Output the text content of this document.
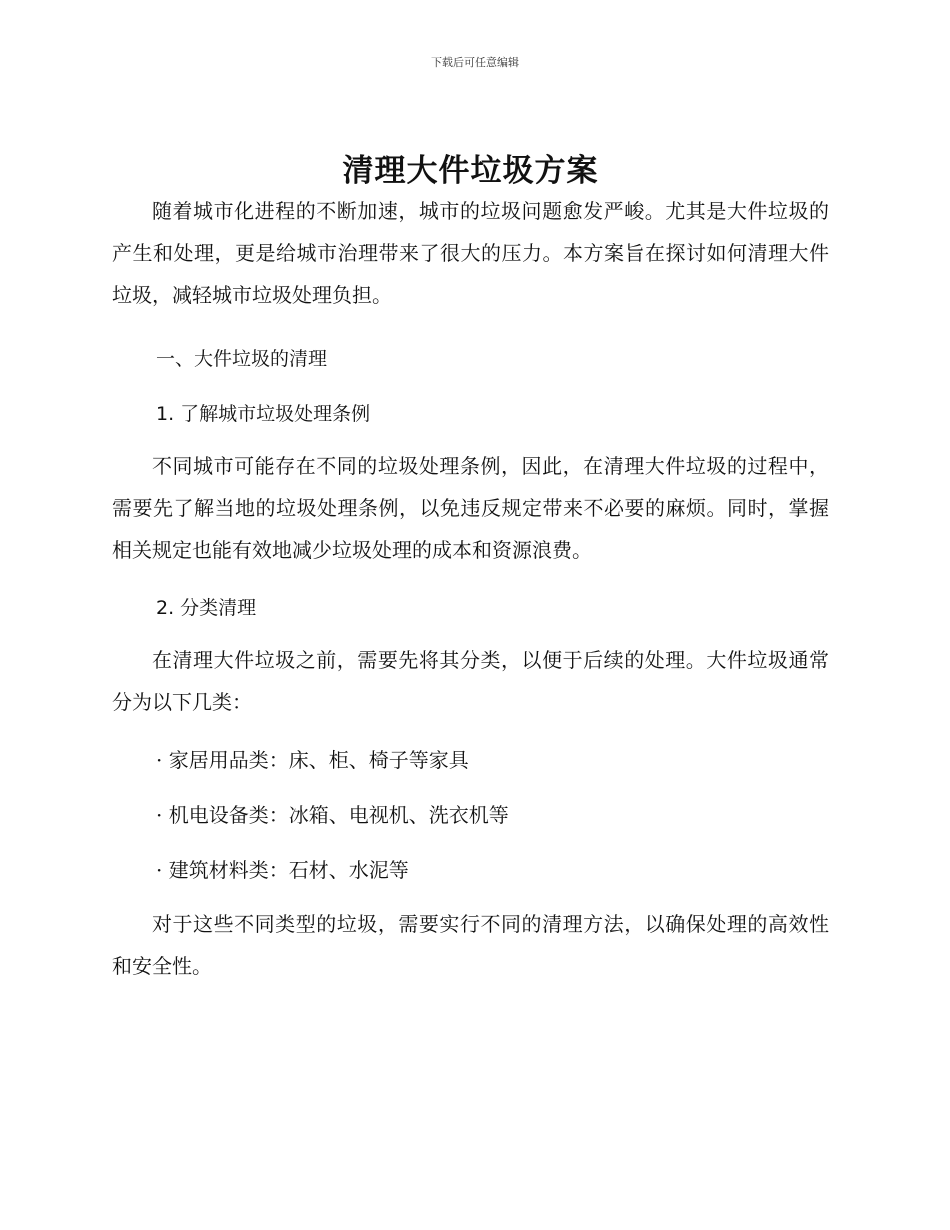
下载后可任意编辑
清理大件垃圾方案

随着城市化进程的不断加速，城市的垃圾问题愈发严峻。尤其是大件垃圾的产生和处理，更是给城市治理带来了很大的压力。本方案旨在探讨如何清理大件垃圾，减轻城市垃圾处理负担。

一、大件垃圾的清理
1. 了解城市垃圾处理条例

不同城市可能存在不同的垃圾处理条例，因此，在清理大件垃圾的过程中，需要先了解当地的垃圾处理条例，以免违反规定带来不必要的麻烦。同时，掌握相关规定也能有效地减少垃圾处理的成本和资源浪费。

2. 分类清理

在清理大件垃圾之前，需要先将其分类，以便于后续的处理。大件垃圾通常分为以下几类：

· 家居用品类：床、柜、椅子等家具
· 机电设备类：冰箱、电视机、洗衣机等
· 建筑材料类：石材、水泥等

对于这些不同类型的垃圾，需要实行不同的清理方法，以确保处理的高效性和安全性。
